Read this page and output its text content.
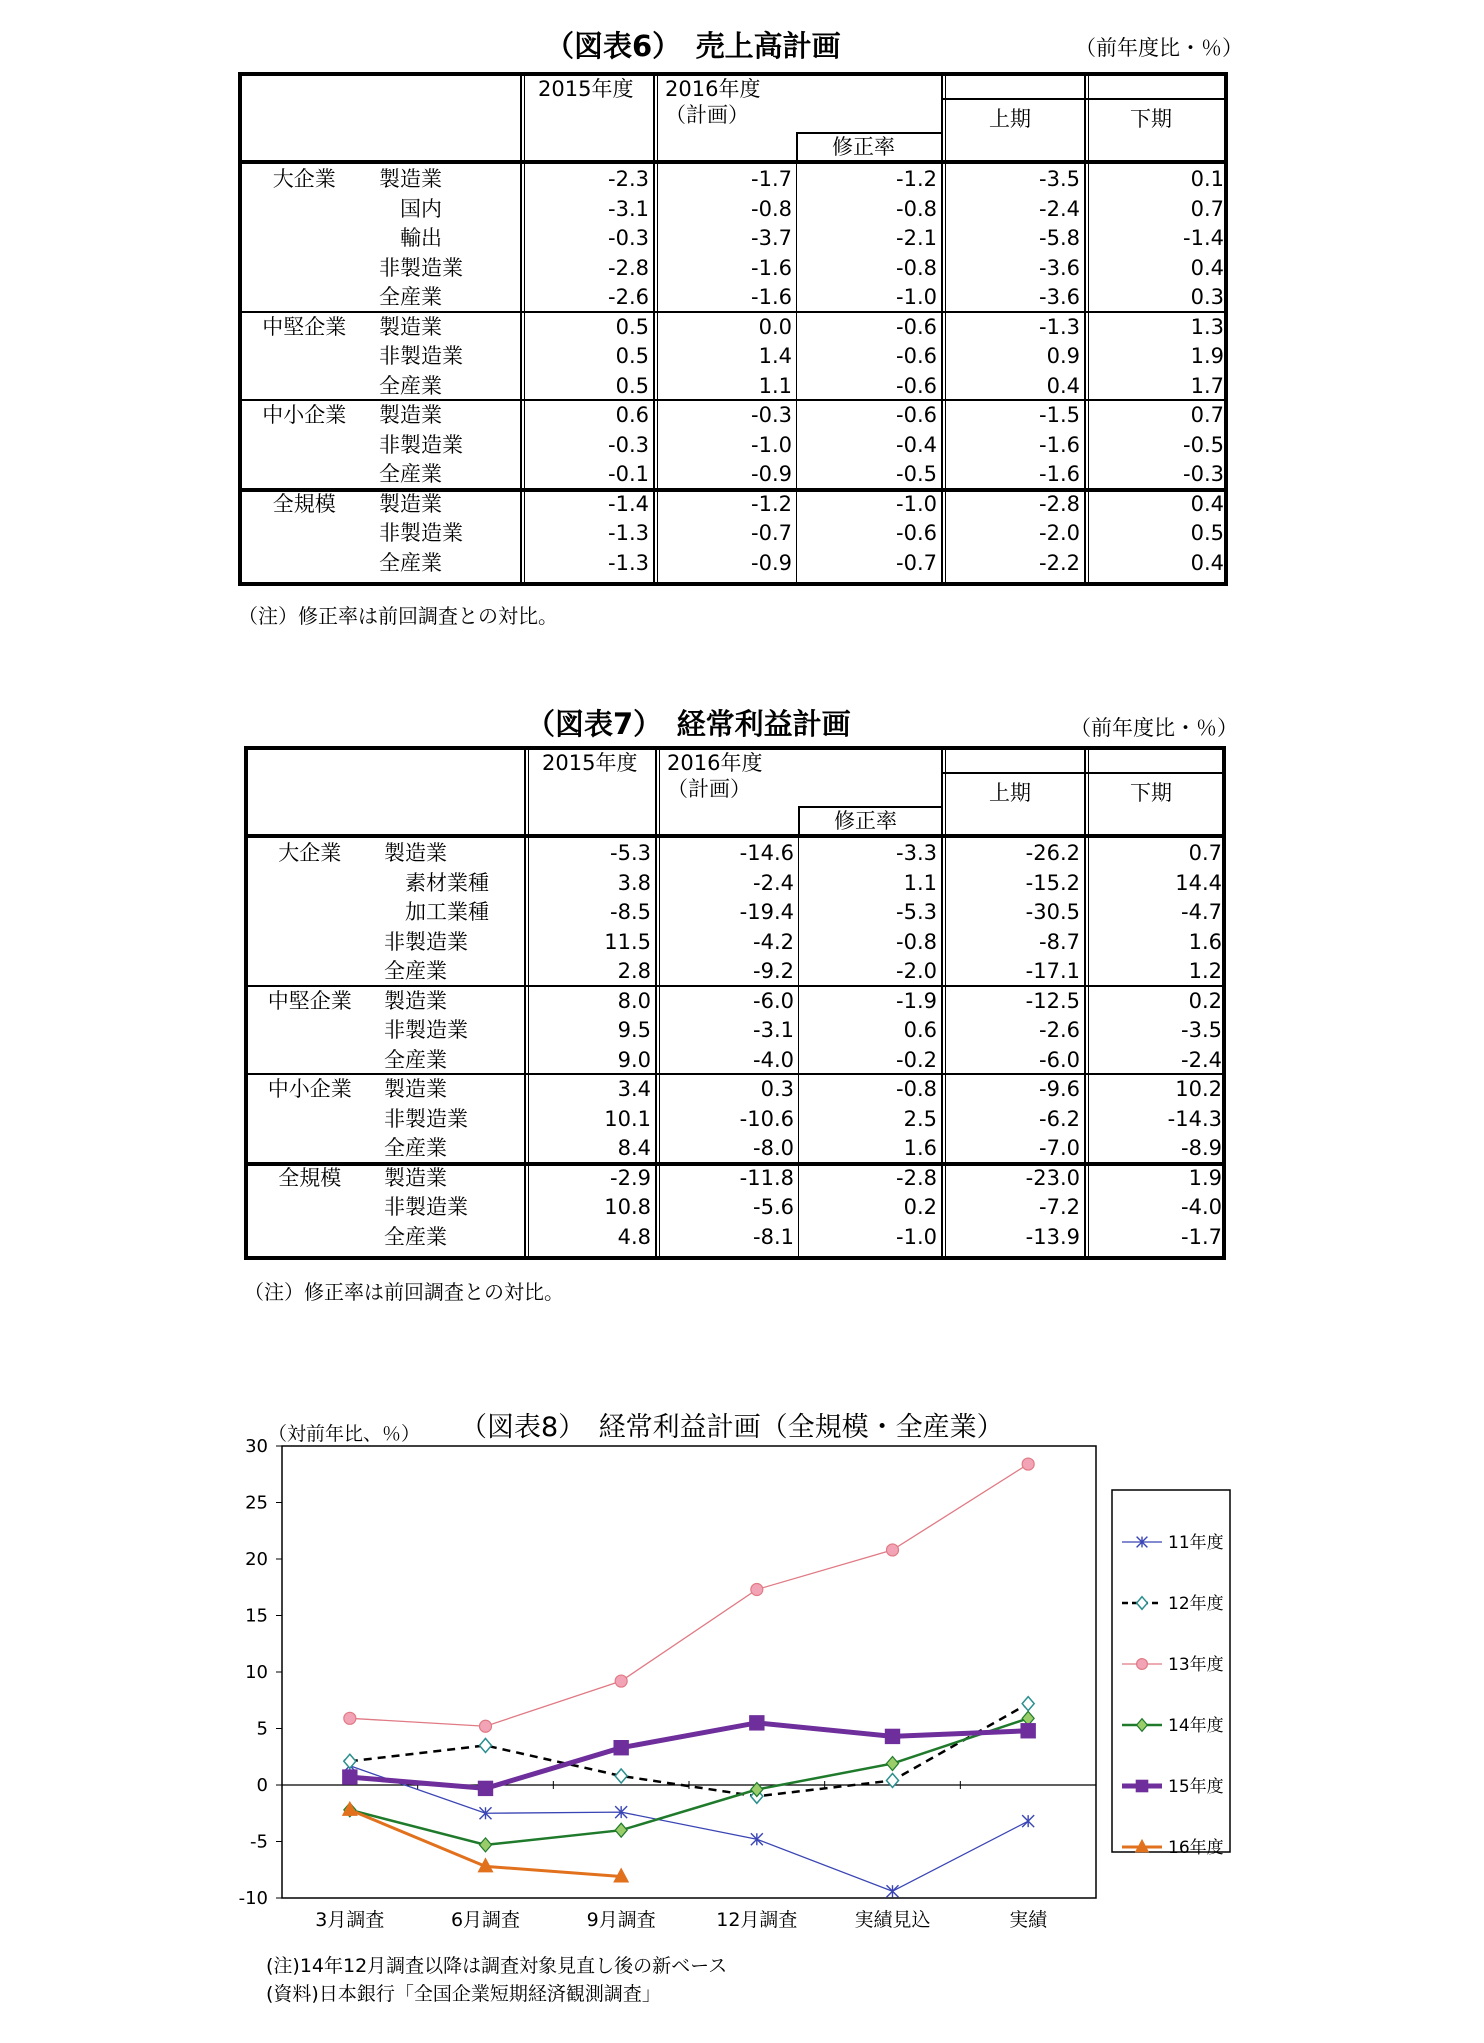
（図表6）　売上高計画	（前年度比・％）
2015年度 2016年度
（計画）
修正率
上期	下期
大企業	製造業	-2.3	-1.7	-1.2	-3.5	0.1
　国内	-3.1	-0.8	-0.8	-2.4	0.7
　輸出	-0.3	-3.7	-2.1	-5.8	-1.4
非製造業	-2.8	-1.6	-0.8	-3.6	0.4
全産業	-2.6	-1.6	-1.0	-3.6	0.3
中堅企業	製造業	0.5	0.0	-0.6	-1.3	1.3
非製造業	0.5	1.4	-0.6	0.9	1.9
全産業	0.5	1.1	-0.6	0.4	1.7
中小企業	製造業	0.6	-0.3	-0.6	-1.5	0.7
非製造業	-0.3	-1.0	-0.4	-1.6	-0.5
全産業	-0.1	-0.9	-0.5	-1.6	-0.3
全規模	製造業	-1.4	-1.2	-1.0	-2.8	0.4
非製造業	-1.3	-0.7	-0.6	-2.0	0.5
全産業	-1.3	-0.9	-0.7	-2.2	0.4
（注）修正率は前回調査との対比。
（図表7）　経常利益計画	（前年度比・％）
2015年度 2016年度
（計画）
修正率
上期	下期
大企業	製造業	-5.3	-14.6	-3.3	-26.2	0.7
　素材業種	3.8	-2.4	1.1	-15.2	14.4
　加工業種	-8.5	-19.4	-5.3	-30.5	-4.7
非製造業	11.5	-4.2	-0.8	-8.7	1.6
全産業	2.8	-9.2	-2.0	-17.1	1.2
中堅企業	製造業	8.0	-6.0	-1.9	-12.5	0.2
非製造業	9.5	-3.1	0.6	-2.6	-3.5
全産業	9.0	-4.0	-0.2	-6.0	-2.4
中小企業	製造業	3.4	0.3	-0.8	-9.6	10.2
非製造業	10.1	-10.6	2.5	-6.2	-14.3
全産業	8.4	-8.0	1.6	-7.0	-8.9
全規模	製造業	-2.9	-11.8	-2.8	-23.0	1.9
非製造業	10.8	-5.6	0.2	-7.2	-4.0
全産業	4.8	-8.1	-1.0	-13.9	-1.7
（注）修正率は前回調査との対比。
（図表8）　経常利益計画（全規模・全産業）
（対前年比、％）
-10
-5
0
5
10
15
20
25
30
3月調査	6月調査	9月調査	12月調査	実績見込	実績
11年度
12年度
13年度
14年度
15年度
16年度
(注)14年12月調査以降は調査対象見直し後の新ベース
(資料)日本銀行「全国企業短期経済観測調査」
